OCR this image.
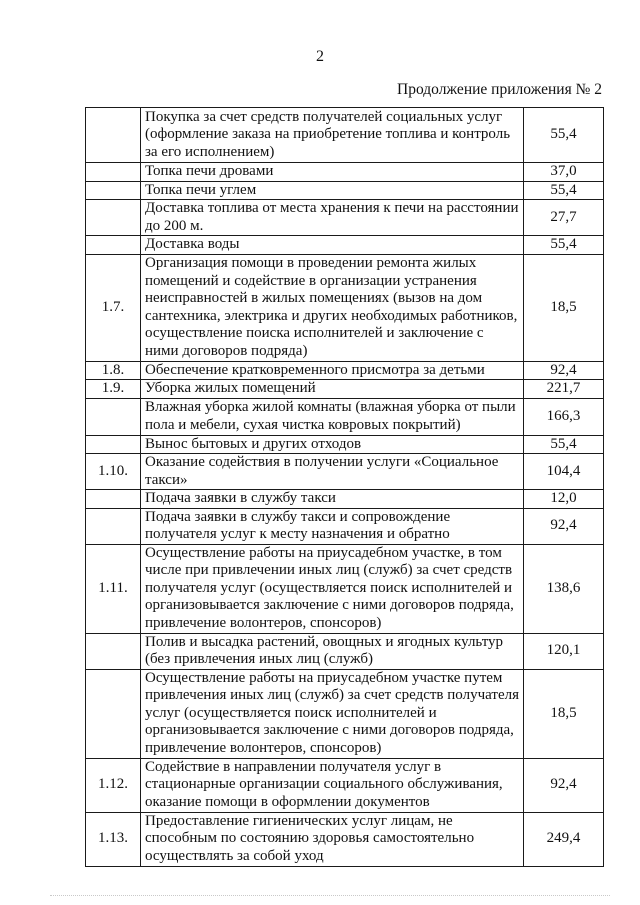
2
Продолжение приложения № 2
	Покупка за счет средств получателей социальных услуг (оформление заказа на приобретение топлива и контроль за его исполнением)	55,4
	Топка печи дровами	37,0
	Топка печи углем	55,4
	Доставка топлива от места хранения к печи на расстоянии до 200 м.	27,7
	Доставка воды	55,4
1.7.	Организация помощи в проведении ремонта жилых помещений и содействие в организации устранения неисправностей в жилых помещениях (вызов на дом сантехника, электрика и других необходимых работников, осуществление поиска исполнителей и заключение с ними договоров подряда)	18,5
1.8.	Обеспечение кратковременного присмотра за детьми	92,4
1.9.	Уборка жилых помещений	221,7
	Влажная уборка жилой комнаты (влажная уборка от пыли пола и мебели, сухая чистка ковровых покрытий)	166,3
	Вынос бытовых и других отходов	55,4
1.10.	Оказание содействия в получении услуги «Социальное такси»	104,4
	Подача заявки в службу такси	12,0
	Подача заявки в службу такси и сопровождение получателя услуг к месту назначения и обратно	92,4
1.11.	Осуществление работы на приусадебном участке, в том числе при привлечении иных лиц (служб) за счет средств получателя услуг (осуществляется поиск исполнителей и организовывается заключение с ними договоров подряда, привлечение волонтеров, спонсоров)	138,6
	Полив и высадка растений, овощных и ягодных культур (без привлечения иных лиц (служб)	120,1
	Осуществление работы на приусадебном участке путем привлечения иных лиц (служб) за счет средств получателя услуг (осуществляется поиск исполнителей и организовывается заключение с ними договоров подряда, привлечение волонтеров, спонсоров)	18,5
1.12.	Содействие в направлении получателя услуг в стационарные организации социального обслуживания, оказание помощи в оформлении документов	92,4
1.13.	Предоставление гигиенических услуг лицам, не способным по состоянию здоровья самостоятельно осуществлять за собой уход	249,4
